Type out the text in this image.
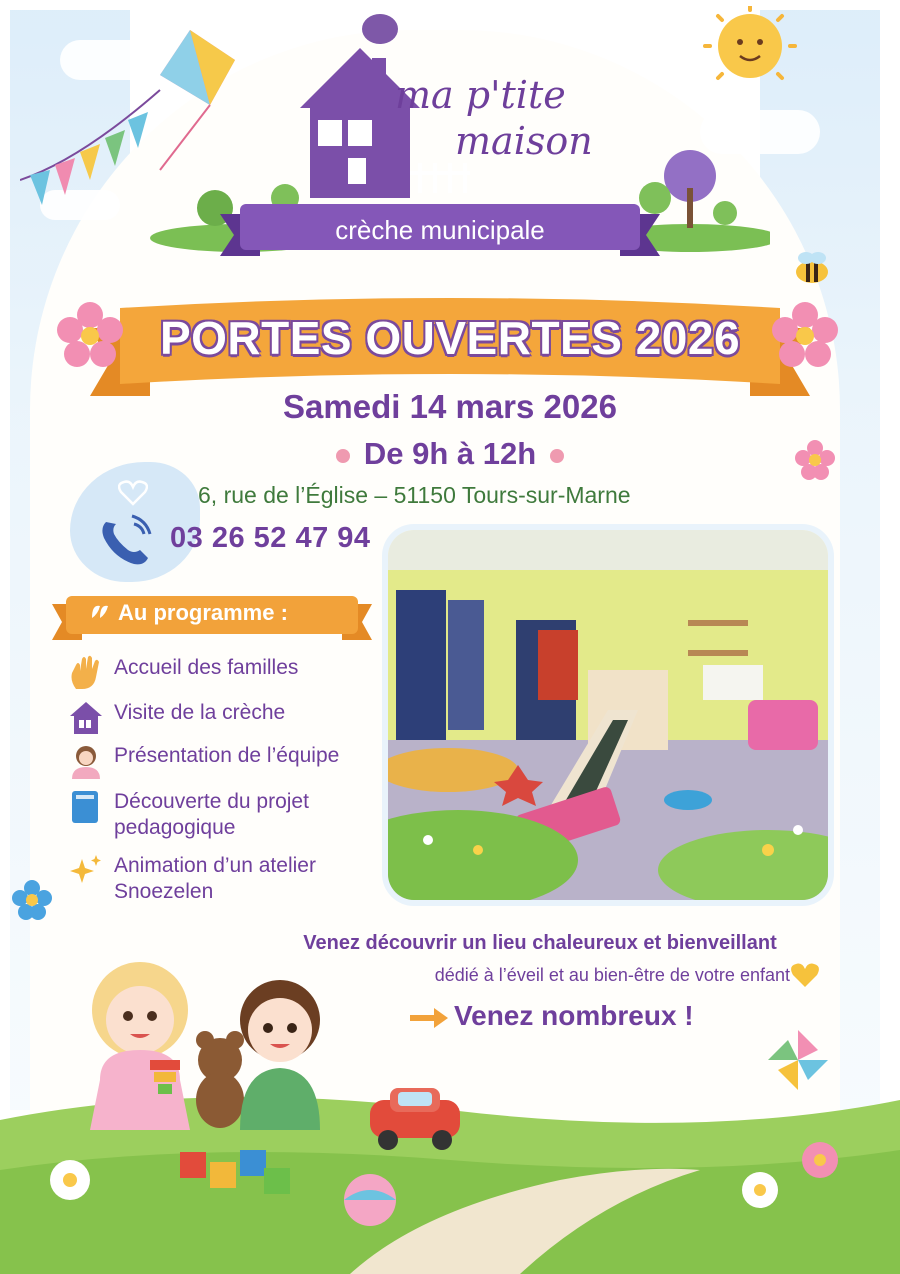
ma p'tite
maison
crèche municipale
PORTES OUVERTES 2026
Samedi 14 mars 2026
De 9h à 12h
6, rue de l’Église – 51150 Tours-sur-Marne
03 26 52 47 94
Au programme :
Accueil des familles
Visite de la crèche
Présentation de l’équipe
Découverte du projet pedagogique
Animation d’un atelier Snoezelen
Venez découvrir un lieu chaleureux et bienveillant
dédié à l’éveil et au bien-être de votre enfant
Venez nombreux !
